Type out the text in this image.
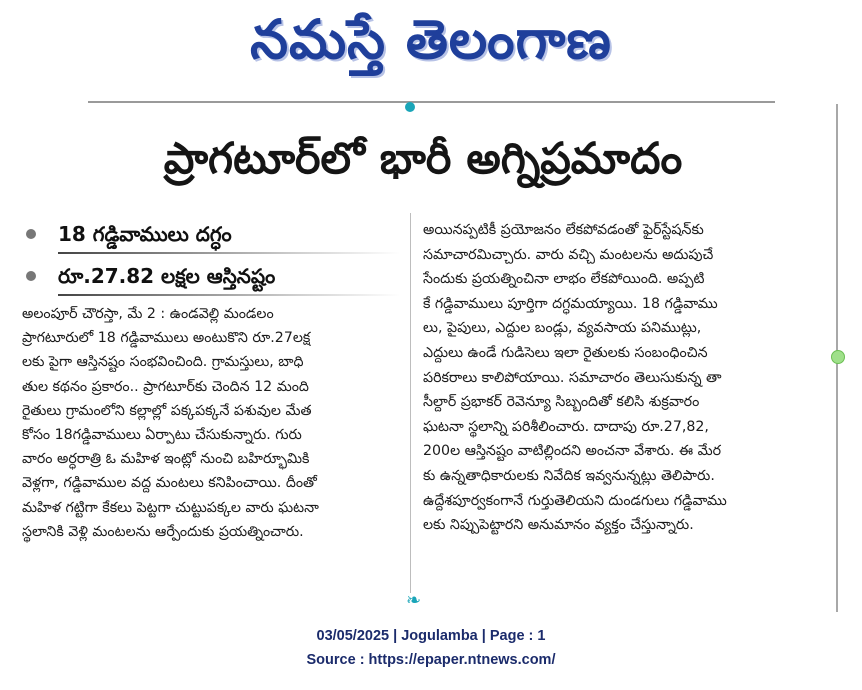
నమస్తే తెలంగాణ
ప్రాగటూర్‌లో భారీ అగ్నిప్రమాదం
18 గడ్డివాములు దగ్ధం
రూ.27.82 లక్షల ఆస్తినష్టం
అలంపూర్ చౌరస్తా, మే 2 : ఉండవెల్లి మండలం
ప్రాగటూరులో 18 గడ్డివాములు అంటుకొని రూ.27లక్ష
లకు పైగా ఆస్తినష్టం సంభవించింది. గ్రామస్తులు, బాధి
తుల కథనం ప్రకారం.. ప్రాగటూర్‌కు చెందిన 12 మంది
రైతులు గ్రామంలోని కల్లాల్లో పక్కపక్కనే పశువుల మేత
కోసం 18గడ్డివాములు ఏర్పాటు చేసుకున్నారు. గురు
వారం అర్ధరాత్రి ఓ మహిళ ఇంట్లో నుంచి బహిర్భూమికి
వెళ్లగా, గడ్డివాముల వద్ద మంటలు కనిపించాయి. దీంతో
మహిళ గట్టిగా కేకలు పెట్టగా చుట్టుపక్కల వారు ఘటనా
స్థలానికి వెళ్లి మంటలను ఆర్పేందుకు ప్రయత్నించారు.
అయినప్పటికీ ప్రయోజనం లేకపోవడంతో ఫైర్‌స్టేషన్‌కు
సమాచారమిచ్చారు. వారు వచ్చి మంటలను అదుపుచే
సేందుకు ప్రయత్నించినా లాభం లేకపోయింది. అప్పటి
కే గడ్డివాములు పూర్తిగా దగ్ధమయ్యాయి. 18 గడ్డివాము
లు, పైపులు, ఎద్దుల బండ్లు, వ్యవసాయ పనిముట్లు,
ఎద్దులు ఉండే గుడిసెలు ఇలా రైతులకు సంబంధించిన
పరికరాలు కాలిపోయాయి. సమాచారం తెలుసుకున్న తా
సీల్దార్ ప్రభాకర్ రెవెన్యూ సిబ్బందితో కలిసి శుక్రవారం
ఘటనా స్థలాన్ని పరిశీలించారు. దాదాపు రూ.27,82,
200ల ఆస్తినష్టం వాటిల్లిందని అంచనా వేశారు. ఈ మేర
కు ఉన్నతాధికారులకు నివేదిక ఇవ్వనున్నట్లు తెలిపారు.
ఉద్దేశపూర్వకంగానే గుర్తుతెలియని దుండగులు గడ్డివాము
లకు నిప్పుపెట్టారని అనుమానం వ్యక్తం చేస్తున్నారు.
❧
03/05/2025 | Jogulamba | Page : 1
Source : https://epaper.ntnews.com/
